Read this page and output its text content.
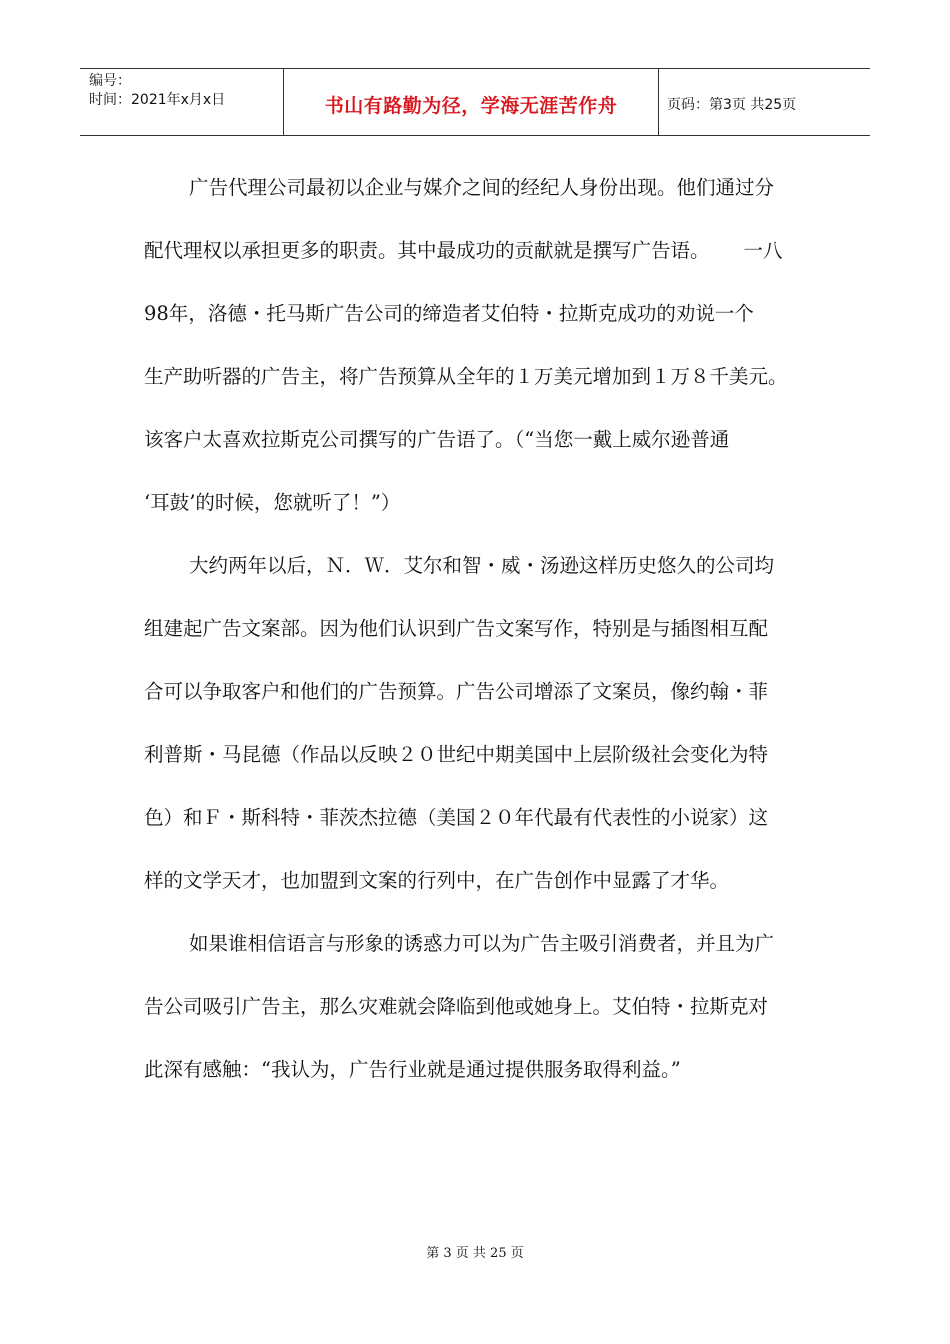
编号：
时间：2021年x月x日	书山有路勤为径，学海无涯苦作舟	页码：第3页 共25页
广告代理公司最初以企业与媒介之间的经纪人身份出现。他们通过分
配代理权以承担更多的职责。其中最成功的贡献就是撰写广告语。 一八
98年，洛德・托马斯广告公司的缔造者艾伯特・拉斯克成功的劝说一个
生产助听器的广告主，将广告预算从全年的１万美元增加到１万８千美元。
该客户太喜欢拉斯克公司撰写的广告语了。（“当您一戴上威尔逊普通
‘耳鼓’的时候，您就听了！”）
大约两年以后，Ｎ．Ｗ．艾尔和智・威・汤逊这样历史悠久的公司均
组建起广告文案部。因为他们认识到广告文案写作，特别是与插图相互配
合可以争取客户和他们的广告预算。广告公司增添了文案员，像约翰・菲
利普斯・马昆德（作品以反映２０世纪中期美国中上层阶级社会变化为特
色）和Ｆ・斯科特・菲茨杰拉德（美国２０年代最有代表性的小说家）这
样的文学天才，也加盟到文案的行列中，在广告创作中显露了才华。
如果谁相信语言与形象的诱惑力可以为广告主吸引消费者，并且为广
告公司吸引广告主，那么灾难就会降临到他或她身上。艾伯特・拉斯克对
此深有感触：“我认为，广告行业就是通过提供服务取得利益。”
第 3 页 共 25 页
